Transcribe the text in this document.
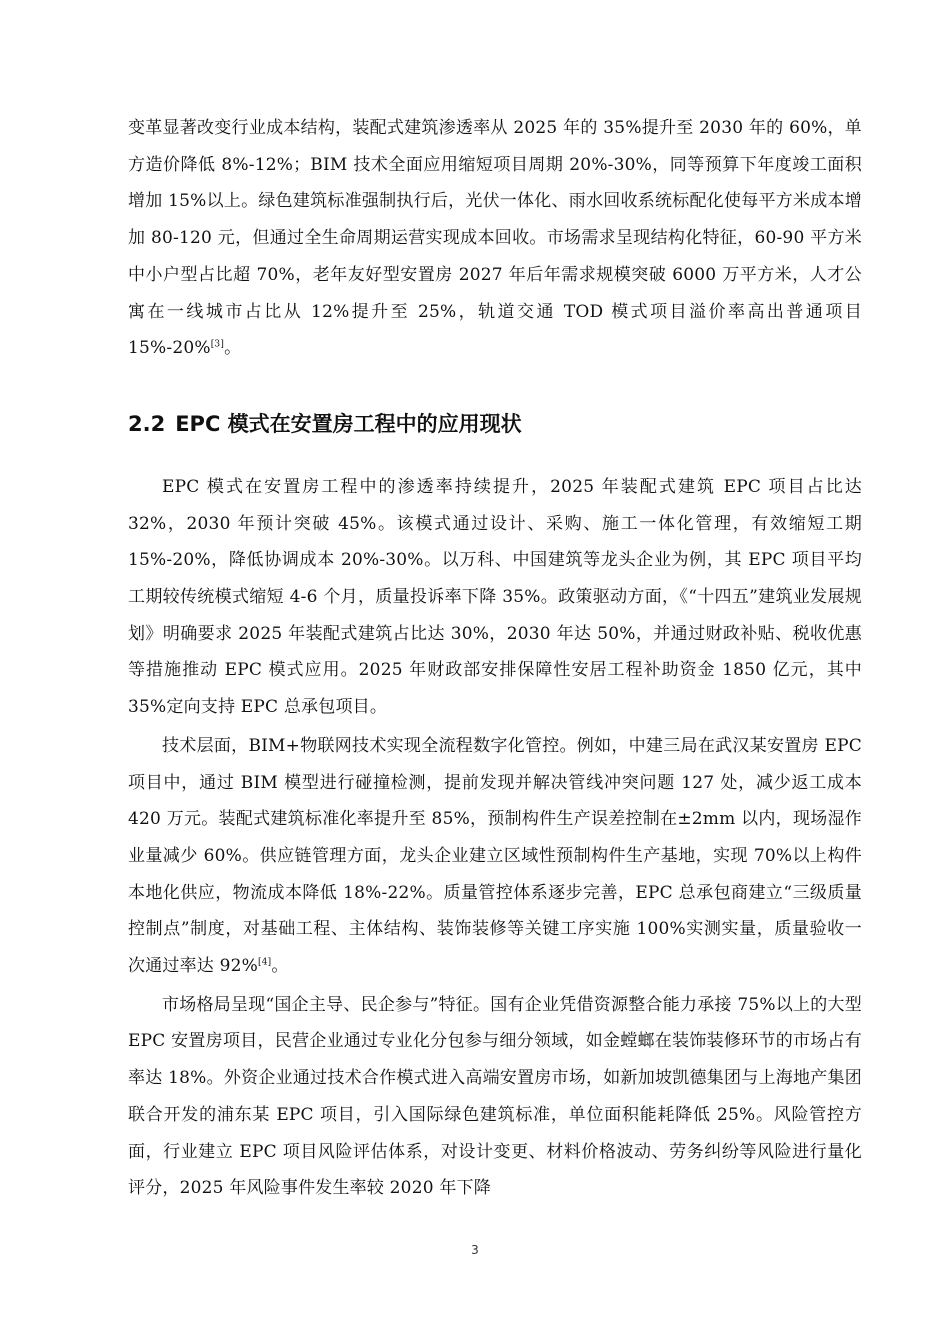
变革显著改变行业成本结构，装配式建筑渗透率从 2025 年的 35%提升至 2030 年的 60%，单方造价降低 8%-12%；BIM 技术全面应用缩短项目周期 20%-30%，同等预算下年度竣工面积增加 15%以上。绿色建筑标准强制执行后，光伏一体化、雨水回收系统标配化使每平方米成本增加 80-120 元，但通过全生命周期运营实现成本回收。市场需求呈现结构化特征，60-90 平方米中小户型占比超 70%，老年友好型安置房 2027 年后年需求规模突破 6000 万平方米，人才公寓在一线城市占比从 12%提升至 25%，轨道交通 TOD 模式项目溢价率高出普通项目 15%-20%[3]。

2.2 EPC 模式在安置房工程中的应用现状

EPC 模式在安置房工程中的渗透率持续提升，2025 年装配式建筑 EPC 项目占比达 32%，2030 年预计突破 45%。该模式通过设计、采购、施工一体化管理，有效缩短工期 15%-20%，降低协调成本 20%-30%。以万科、中国建筑等龙头企业为例，其 EPC 项目平均工期较传统模式缩短 4-6 个月，质量投诉率下降 35%。政策驱动方面，《“十四五”建筑业发展规划》明确要求 2025 年装配式建筑占比达 30%，2030 年达 50%，并通过财政补贴、税收优惠等措施推动 EPC 模式应用。2025 年财政部安排保障性安居工程补助资金 1850 亿元，其中 35%定向支持 EPC 总承包项目。

技术层面，BIM+物联网技术实现全流程数字化管控。例如，中建三局在武汉某安置房 EPC 项目中，通过 BIM 模型进行碰撞检测，提前发现并解决管线冲突问题 127 处，减少返工成本 420 万元。装配式建筑标准化率提升至 85%，预制构件生产误差控制在±2mm 以内，现场湿作业量减少 60%。供应链管理方面，龙头企业建立区域性预制构件生产基地，实现 70%以上构件本地化供应，物流成本降低 18%-22%。质量管控体系逐步完善，EPC 总承包商建立“三级质量控制点”制度，对基础工程、主体结构、装饰装修等关键工序实施 100%实测实量，质量验收一次通过率达 92%[4]。

市场格局呈现“国企主导、民企参与”特征。国有企业凭借资源整合能力承接 75%以上的大型 EPC 安置房项目，民营企业通过专业化分包参与细分领域，如金螳螂在装饰装修环节的市场占有率达 18%。外资企业通过技术合作模式进入高端安置房市场，如新加坡凯德集团与上海地产集团联合开发的浦东某 EPC 项目，引入国际绿色建筑标准，单位面积能耗降低 25%。风险管控方面，行业建立 EPC 项目风险评估体系，对设计变更、材料价格波动、劳务纠纷等风险进行量化评分，2025 年风险事件发生率较 2020 年下降

3
